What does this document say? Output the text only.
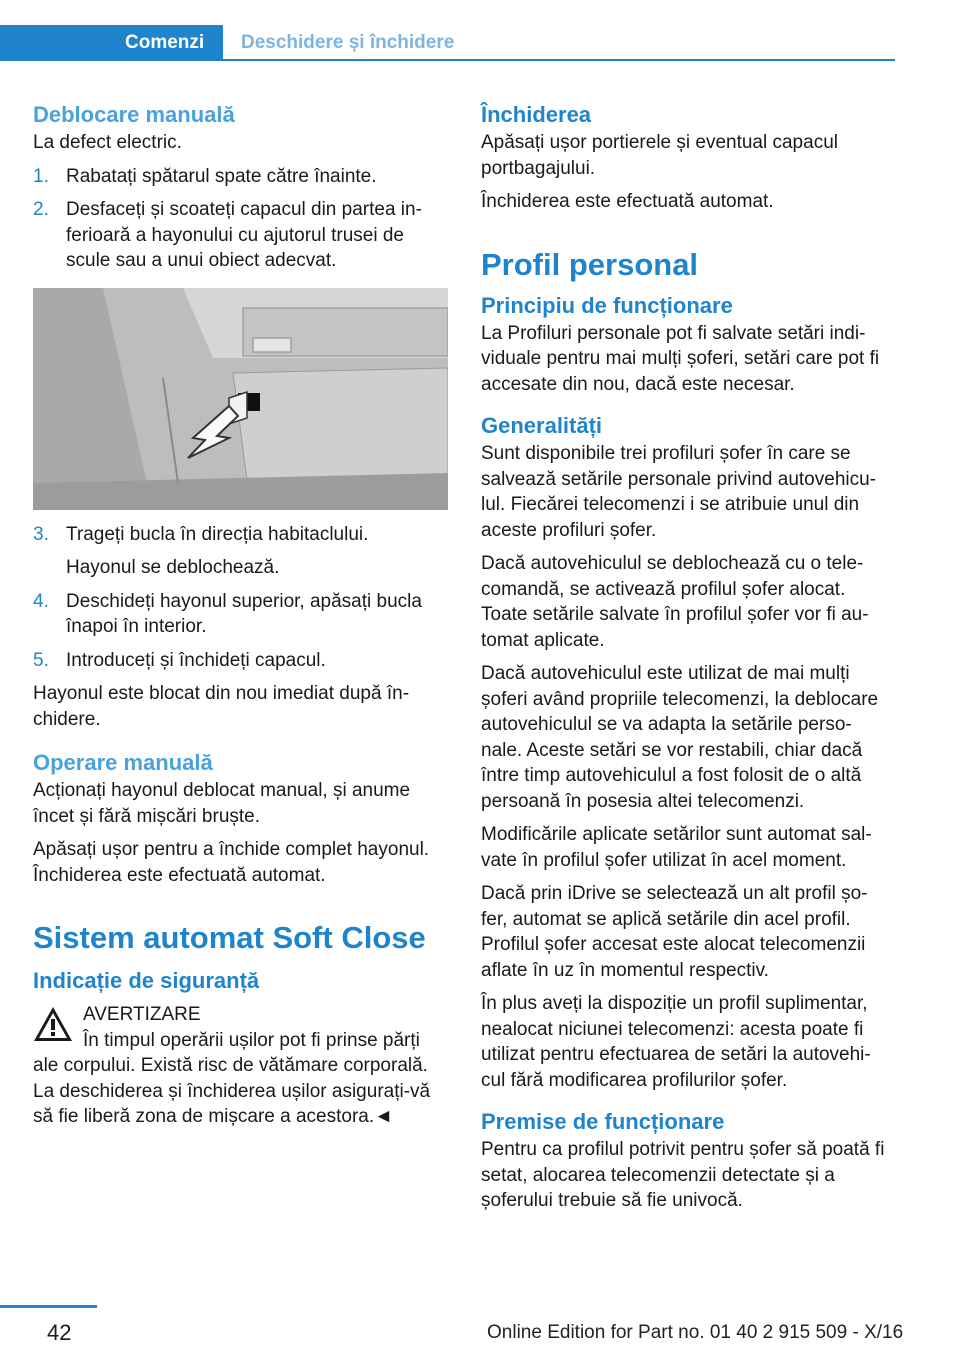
Comenzi Deschidere și închidere
Deblocare manuală

La defect electric.

1. Rabatați spătarul spate către înainte.
2. Desfaceți și scoateți capacul din partea in‐ ferioară a hayonului cu ajutorul trusei de scule sau a unui obiect adecvat.
3. Trageți bucla în direcția habitaclului.

Hayonul se deblochează.

4. Deschideți hayonul superior, apăsați bucla înapoi în interior.
5. Introduceți și închideți capacul.

Hayonul este blocat din nou imediat după în‐ chidere.

Operare manuală

Acționați hayonul deblocat manual, și anume încet și fără mișcări bruște.

Apăsați ușor pentru a închide complet hayonul. Închiderea este efectuată automat.

Sistem automat Soft Close
Indicație de siguranță
AVERTIZARE

În timpul operării ușilor pot fi prinse părți ale corpului. Există risc de vătămare corporală. La deschiderea și închiderea ușilor asigurați-vă să fie liberă zona de mișcare a acestora.◄

Închiderea

Apăsați ușor portierele și eventual capacul portbagajului.

Închiderea este efectuată automat.

Profil personal
Principiu de funcționare

La Profiluri personale pot fi salvate setări indi‐ viduale pentru mai mulți șoferi, setări care pot fi accesate din nou, dacă este necesar.

Generalități

Sunt disponibile trei profiluri șofer în care se salvează setările personale privind autovehicu‐ lul. Fiecărei telecomenzi i se atribuie unul din aceste profiluri șofer.

Dacă autovehiculul se deblochează cu o tele‐ comandă, se activează profilul șofer alocat. Toate setările salvate în profilul șofer vor fi au‐ tomat aplicate.

Dacă autovehiculul este utilizat de mai mulți șoferi având propriile telecomenzi, la deblocare autovehiculul se va adapta la setările perso‐ nale. Aceste setări se vor restabili, chiar dacă între timp autovehiculul a fost folosit de o altă persoană în posesia altei telecomenzi.

Modificările aplicate setărilor sunt automat sal‐ vate în profilul șofer utilizat în acel moment.

Dacă prin iDrive se selectează un alt profil șo‐ fer, automat se aplică setările din acel profil. Profilul șofer accesat este alocat telecomenzii aflate în uz în momentul respectiv.

În plus aveți la dispoziție un profil suplimentar, nealocat niciunei telecomenzi: acesta poate fi utilizat pentru efectuarea de setări la autovehi‐ cul fără modificarea profilurilor șofer.

Premise de funcționare

Pentru ca profilul potrivit pentru șofer să poată fi setat, alocarea telecomenzii detectate și a șoferului trebuie să fie univocă.

42	Online Edition for Part no. 01 40 2 915 509 - X/16
